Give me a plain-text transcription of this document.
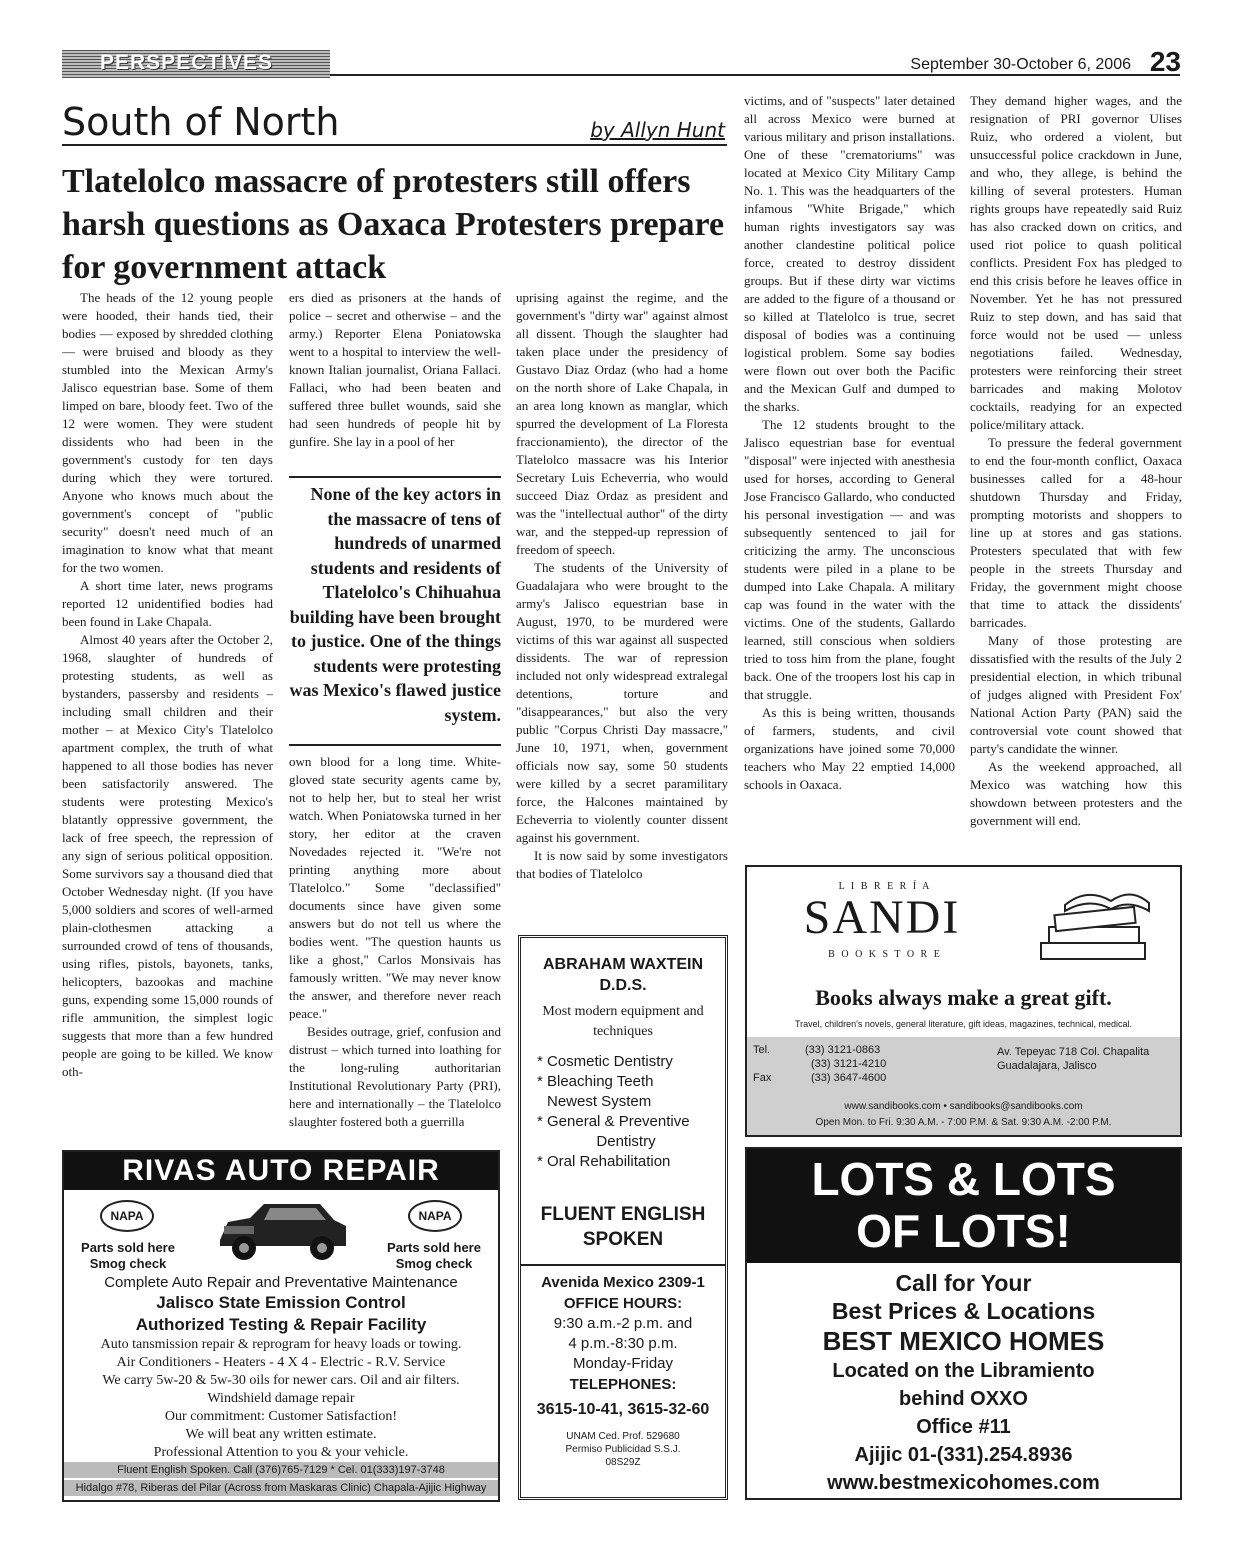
PERSPECTIVES	September 30-October 6, 2006 23
South of North	by Allyn Hunt
Tlatelolco massacre of protesters still offers harsh questions as Oaxaca Protesters prepare for government attack

The heads of the 12 young people were hooded, their hands tied, their bodies — exposed by shredded clothing — were bruised and bloody as they stumbled into the Mexican Army's Jalisco equestrian base. Some of them limped on bare, bloody feet. Two of the 12 were women. They were student dissidents who had been in the government's custody for ten days during which they were tortured. Anyone who knows much about the government's concept of "public security" doesn't need much of an imagination to know what that meant for the two women.

A short time later, news programs reported 12 unidentified bodies had been found in Lake Chapala.

Almost 40 years after the October 2, 1968, slaughter of hundreds of protesting students, as well as bystanders, passersby and residents – including small children and their mother – at Mexico City's Tlatelolco apartment complex, the truth of what happened to all those bodies has never been satisfactorily answered. The students were protesting Mexico's blatantly oppressive government, the lack of free speech, the repression of any sign of serious political opposition. Some survivors say a thousand died that October Wednesday night. (If you have 5,000 soldiers and scores of well-armed plain-clothesmen attacking a surrounded crowd of tens of thousands, using rifles, pistols, bayonets, tanks, helicopters, bazookas and machine guns, expending some 15,000 rounds of rifle ammunition, the simplest logic suggests that more than a few hundred people are going to be killed. We know oth-

ers died as prisoners at the hands of police – secret and otherwise – and the army.) Reporter Elena Poniatowska went to a hospital to interview the well-known Italian journalist, Oriana Fallaci. Fallaci, who had been beaten and suffered three bullet wounds, said she had seen hundreds of people hit by gunfire. She lay in a pool of her

None of the key actors in the massacre of tens of hundreds of unarmed students and residents of Tlatelolco's Chihuahua building have been brought to justice. One of the things students were protesting was Mexico's flawed justice system.

own blood for a long time. White-gloved state security agents came by, not to help her, but to steal her wrist watch. When Poniatowska turned in her story, her editor at the craven Novedades rejected it. "We're not printing anything more about Tlatelolco." Some "declassified" documents since have given some answers but do not tell us where the bodies went. "The question haunts us like a ghost," Carlos Monsivais has famously written. "We may never know the answer, and therefore never reach peace."

Besides outrage, grief, confusion and distrust – which turned into loathing for the long-ruling authoritarian Institutional Revolutionary Party (PRI), here and internationally – the Tlatelolco slaughter fostered both a guerrilla

uprising against the regime, and the government's "dirty war" against almost all dissent. Though the slaughter had taken place under the presidency of Gustavo Diaz Ordaz (who had a home on the north shore of Lake Chapala, in an area long known as manglar, which spurred the development of La Floresta fraccionamiento), the director of the Tlatelolco massacre was his Interior Secretary Luis Echeverria, who would succeed Diaz Ordaz as president and was the "intellectual author" of the dirty war, and the stepped-up repression of freedom of speech.

The students of the University of Guadalajara who were brought to the army's Jalisco equestrian base in August, 1970, to be murdered were victims of this war against all suspected dissidents. The war of repression included not only widespread extralegal detentions, torture and "disappearances," but also the very public "Corpus Christi Day massacre," June 10, 1971, when, government officials now say, some 50 students were killed by a secret paramilitary force, the Halcones maintained by Echeverria to violently counter dissent against his government.

It is now said by some investigators that bodies of Tlatelolco

victims, and of "suspects" later detained all across Mexico were burned at various military and prison installations. One of these "crematoriums" was located at Mexico City Military Camp No. 1. This was the headquarters of the infamous "White Brigade," which human rights investigators say was another clandestine political police force, created to destroy dissident groups. But if these dirty war victims are added to the figure of a thousand or so killed at Tlatelolco is true, secret disposal of bodies was a continuing logistical problem. Some say bodies were flown out over both the Pacific and the Mexican Gulf and dumped to the sharks.

The 12 students brought to the Jalisco equestrian base for eventual "disposal" were injected with anesthesia used for horses, according to General Jose Francisco Gallardo, who conducted his personal investigation — and was subsequently sentenced to jail for criticizing the army. The unconscious students were piled in a plane to be dumped into Lake Chapala. A military cap was found in the water with the victims. One of the students, Gallardo learned, still conscious when soldiers tried to toss him from the plane, fought back. One of the troopers lost his cap in that struggle.

As this is being written, thousands of farmers, students, and civil organizations have joined some 70,000 teachers who May 22 emptied 14,000 schools in Oaxaca.

They demand higher wages, and the resignation of PRI governor Ulises Ruiz, who ordered a violent, but unsuccessful police crackdown in June, and who, they allege, is behind the killing of several protesters. Human rights groups have repeatedly said Ruiz has also cracked down on critics, and used riot police to quash political conflicts. President Fox has pledged to end this crisis before he leaves office in November. Yet he has not pressured Ruiz to step down, and has said that force would not be used — unless negotiations failed. Wednesday, protesters were reinforcing their street barricades and making Molotov cocktails, readying for an expected police/military attack.

To pressure the federal government to end the four-month conflict, Oaxaca businesses called for a 48-hour shutdown Thursday and Friday, prompting motorists and shoppers to line up at stores and gas stations. Protesters speculated that with few people in the streets Thursday and Friday, the government might choose that time to attack the dissidents' barricades.

Many of those protesting are dissatisfied with the results of the July 2 presidential election, in which tribunal of judges aligned with President Fox' National Action Party (PAN) said the controversial vote count showed that party's candidate the winner.

As the weekend approached, all Mexico was watching how this showdown between protesters and the government will end.

RIVAS AUTO REPAIR
NAPA	NAPA
Parts sold here
Smog check
Parts sold here
Smog check
Complete Auto Repair and Preventative Maintenance
Jalisco State Emission Control
Authorized Testing & Repair Facility
Auto tansmission repair & reprogram for heavy loads or towing.
Air Conditioners - Heaters - 4 X 4 - Electric - R.V. Service
We carry 5w-20 & 5w-30 oils for newer cars. Oil and air filters.
Windshield damage repair
Our commitment: Customer Satisfaction!
We will beat any written estimate.
Professional Attention to you & your vehicle.
Fluent English Spoken. Call (376)765-7129 * Cel. 01(333)197-3748
Hidalgo #78, Riberas del Pilar (Across from Maskaras Clinic) Chapala-Ajijic Highway
ABRAHAM WAXTEIN D.D.S.
Most modern equipment and techniques
* Cosmetic Dentistry
* Bleaching Teeth
Newest System
* General & Preventive
Dentistry
* Oral Rehabilitation
FLUENT ENGLISH SPOKEN
Avenida Mexico 2309-1
OFFICE HOURS:
9:30 a.m.-2 p.m. and
4 p.m.-8:30 p.m.
Monday-Friday
TELEPHONES:
3615-10-41, 3615-32-60
UNAM Ced. Prof. 529680
Permiso Publicidad S.S.J.
08S29Z
L I B R E R Í A
SANDI
B O O K S T O R E
Books always make a great gift.
Travel, children's novels, general literature, gift ideas, magazines, technical, medical.
Tel.	(33) 3121-0863
(33) 3121-4210
Fax	(33) 3647-4600
Av. Tepeyac 718 Col. Chapalita
Guadalajara, Jalisco
www.sandibooks.com • sandibooks@sandibooks.com
Open Mon. to Fri. 9:30 A.M. - 7:00 P.M. & Sat. 9:30 A.M. -2:00 P.M.
LOTS & LOTS
OF LOTS!
Call for Your
Best Prices & Locations
BEST MEXICO HOMES
Located on the Libramiento
behind OXXO
Office #11
Ajijic 01-(331).254.8936
www.bestmexicohomes.com
